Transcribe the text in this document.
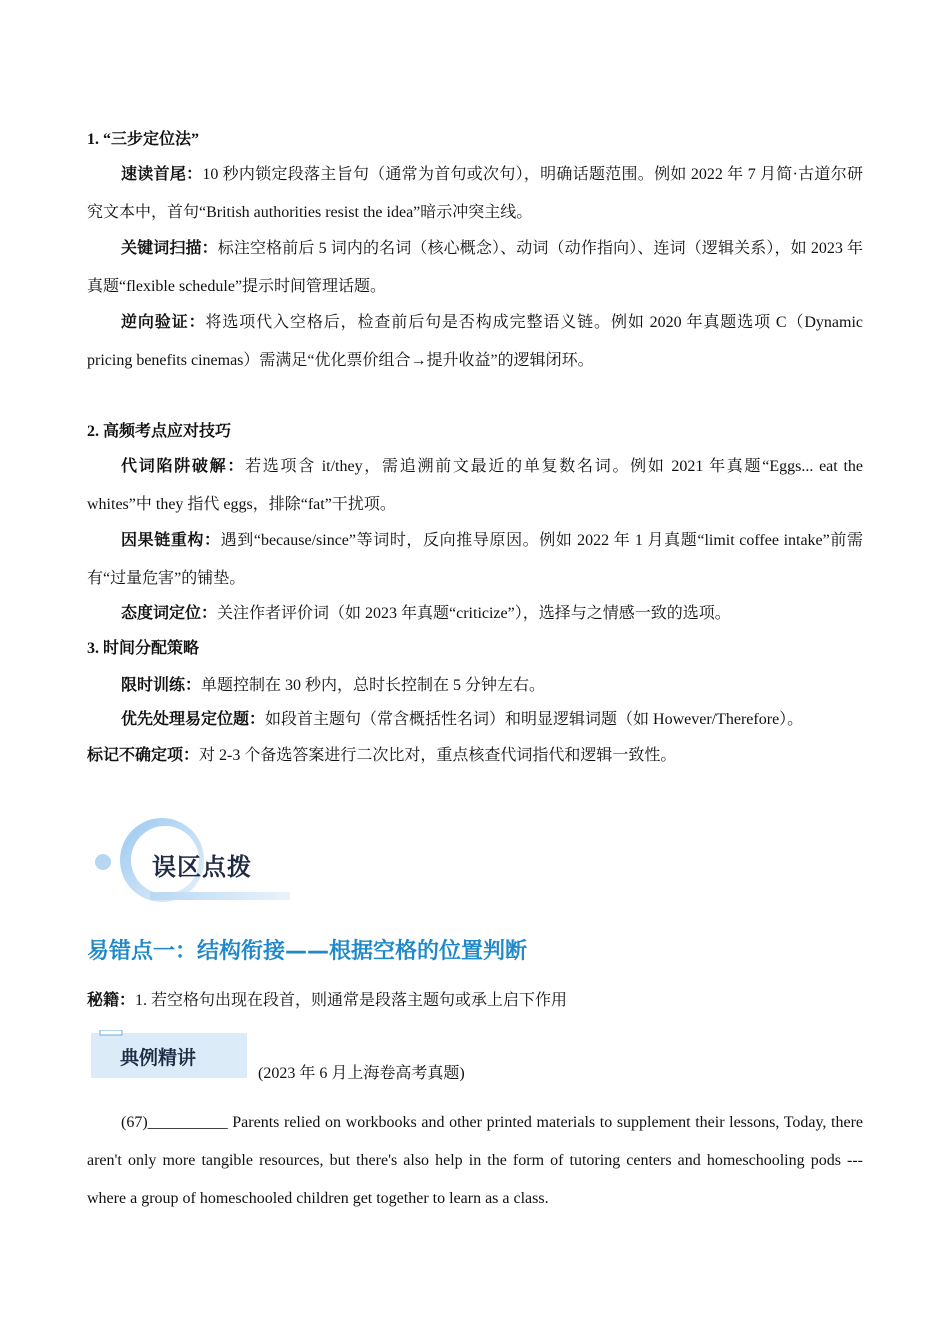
1. “三步定位法”
速读首尾：10 秒内锁定段落主旨句（通常为首句或次句），明确话题范围。例如 2022 年 7 月简·古道尔研究文本中，首句“British authorities resist the idea”暗示冲突主线。
关键词扫描：标注空格前后 5 词内的名词（核心概念）、动词（动作指向）、连词（逻辑关系），如 2023 年真题“flexible schedule”提示时间管理话题。
逆向验证：将选项代入空格后，检查前后句是否构成完整语义链。例如 2020 年真题选项 C（Dynamic pricing benefits cinemas）需满足“优化票价组合→提升收益”的逻辑闭环。
2. 高频考点应对技巧
代词陷阱破解：若选项含 it/they，需追溯前文最近的单复数名词。例如 2021 年真题“Eggs... eat the whites”中 they 指代 eggs，排除“fat”干扰项。
因果链重构：遇到“because/since”等词时，反向推导原因。例如 2022 年 1 月真题“limit coffee intake”前需有“过量危害”的铺垫。
态度词定位：关注作者评价词（如 2023 年真题“criticize”），选择与之情感一致的选项。
3. 时间分配策略
限时训练：单题控制在 30 秒内，总时长控制在 5 分钟左右。
优先处理易定位题：如段首主题句（常含概括性名词）和明显逻辑词题（如 However/Therefore）。
标记不确定项：对 2-3 个备选答案进行二次比对，重点核查代词指代和逻辑一致性。
误区点拨
易错点一：结构衔接——根据空格的位置判断
秘籍：1. 若空格句出现在段首，则通常是段落主题句或承上启下作用
典例精讲
(2023 年 6 月上海卷高考真题)
(67)__________ Parents relied on workbooks and other printed materials to supplement their lessons, Today, there aren't only more tangible resources, but there's also help in the form of tutoring centers and homeschooling pods --- where a group of homeschooled children get together to learn as a class.
